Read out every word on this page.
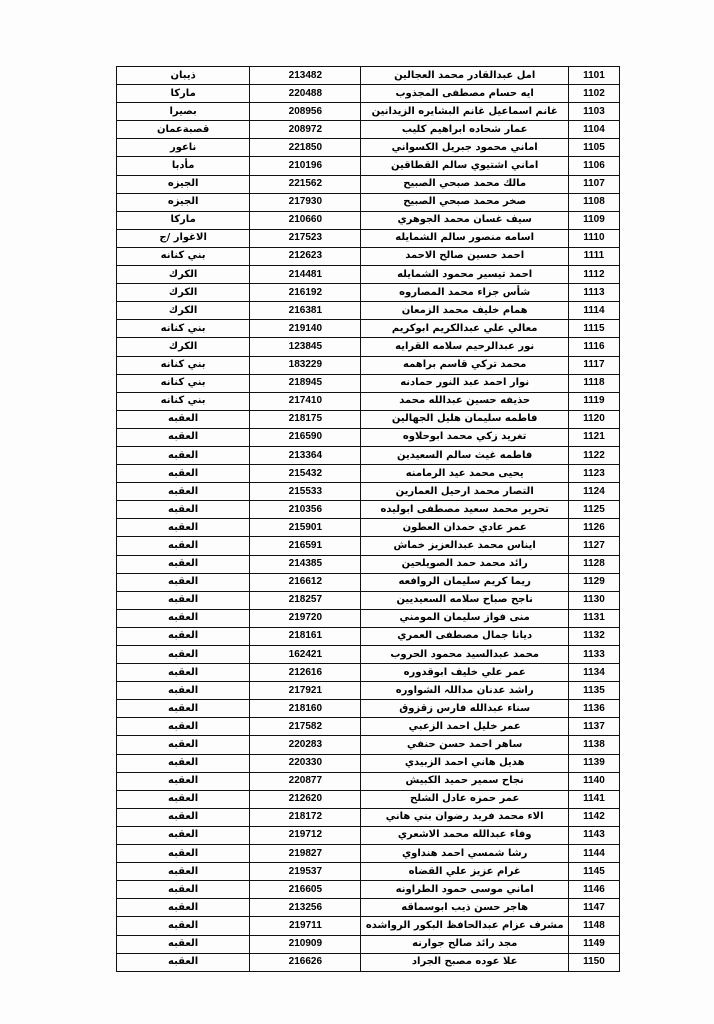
ذيبان	213482	امل عبدالقادر محمد العجالين	1101
ماركا	220488	ايه حسام مصطفى المجذوب	1102
بصيرا	208956	غانم اسماعيل غانم البشايره الزيدانين	1103
قصبةعمان	208972	عمار شحاده ابراهيم كليب	1104
ناعور	221850	اماني محمود جبريل الكسواني	1105
مأدبا	210196	اماني اشتيوي سالم القطاقين	1106
الجيزه	221562	مالك محمد صبحي الصبيح	1107
الجيزه	217930	صخر محمد صبحي الصبيح	1108
ماركا	210660	سيف غسان محمد الجوهري	1109
الاغوار /ج	217523	اسامه منصور سالم الشمايله	1110
بني كنانه	212623	احمد حسين صالح الاحمد	1111
الكرك	214481	احمد تيسير محمود الشمايله	1112
الكرك	216192	شأس جزاء محمد المصاروه	1113
الكرك	216381	همام خليف محمد الزمعان	1114
بني كنانه	219140	معالي علي عبدالكريم ابوكريم	1115
الكرك	123845	نور عبدالرحيم سلامه القرايه	1116
بني كنانه	183229	محمد تركي قاسم براهمه	1117
بني كنانه	218945	نوار احمد عبد النور حمادنه	1118
بني كنانه	217410	حذيفه حسين عبدالله محمد	1119
العقبه	218175	فاطمه سليمان هليل الجهالين	1120
العقبه	216590	تغريد زكي محمد ابوحلاوه	1121
العقبه	213364	فاطمه غيث سالم السعيدين	1122
العقبه	215432	يحيى محمد عيد الرمامنه	1123
العقبه	215533	التصار محمد ارحيل العمارين	1124
العقبه	210356	تحرير محمد سعيد مصطفى ابوليده	1125
العقبه	215901	عمر عادي حمدان العطون	1126
العقبه	216591	ايناس محمد عبدالعزيز خماش	1127
العقبه	214385	رائد محمد حمد الصويلحين	1128
العقبه	216612	ريما كريم سليمان الروافعه	1129
العقبه	218257	ناجح صباح سلامه السعيديين	1130
العقبه	219720	منى فواز سليمان المومني	1131
العقبه	218161	ديانا جمال مصطفى العمري	1132
العقبه	162421	محمد عبدالسيد محمود الحروب	1133
العقبه	212616	عمر علي خليف ابوقدوره	1134
العقبه	217921	راشد عدنان مداللہ الشواوره	1135
العقبه	218160	سناء عبدالله فارس زقزوق	1136
العقبه	217582	عمر خليل احمد الزعبي	1137
العقبه	220283	ساهر احمد حسن حنفي	1138
العقبه	220330	هديل هاني احمد الزبيدي	1139
العقبه	220877	نجاح سمير حميد الكبيش	1140
العقبه	212620	عمر حمزه عادل الشلح	1141
العقبه	218172	الاء محمد فريد رضوان بني هاني	1142
العقبه	219712	وفاء عبدالله محمد الاشعري	1143
العقبه	219827	رشا شمسي احمد هنداوي	1144
العقبه	219537	غرام عزيز علي القضاه	1145
العقبه	216605	اماني موسى حمود الطراونه	1146
العقبه	213256	هاجر حسن ذيب ابوسماقه	1147
العقبه	219711	مشرف عزام عبدالحافظ البكور الرواشده	1148
العقبه	210909	مجد رائد صالح جوارنه	1149
العقبه	216626	علا عوده مصبح الجراد	1150
